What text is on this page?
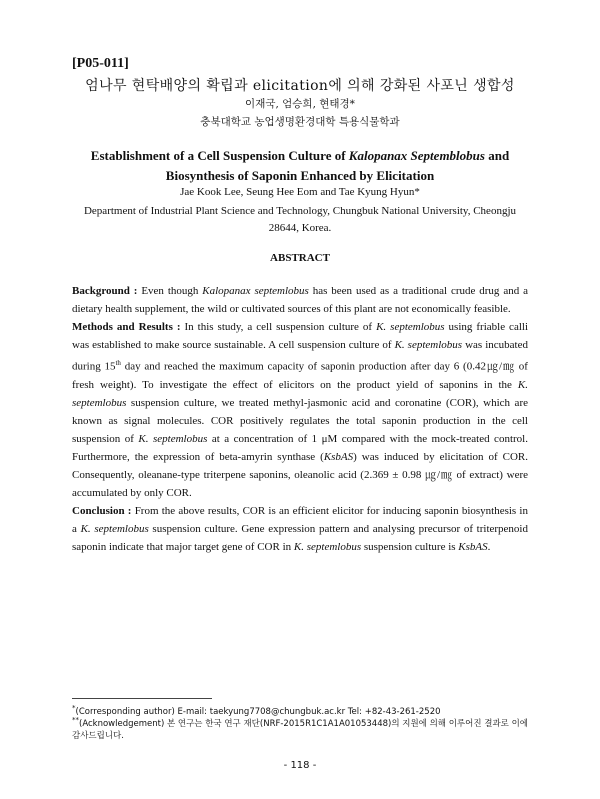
[P05-011]
엄나무 현탁배양의 확립과 elicitation에 의해 강화된 사포닌 생합성
이재국, 엄승희, 현태경*
충북대학교 농업생명환경대학 특용식물학과
Establishment of a Cell Suspension Culture of Kalopanax Septemblobus and
Biosynthesis of Saponin Enhanced by Elicitation
Jae Kook Lee, Seung Hee Eom and Tae Kyung Hyun*
Department of Industrial Plant Science and Technology, Chungbuk National University, Cheongju 28644, Korea.
ABSTRACT

Background : Even though Kalopanax septemlobus has been used as a traditional crude drug and a dietary health supplement, the wild or cultivated sources of this plant are not economically feasible.

Methods and Results : In this study, a cell suspension culture of K. septemlobus using friable calli was established to make source sustainable. A cell suspension culture of K. septemlobus was incubated during 15th day and reached the maximum capacity of saponin production after day 6 (0.42㎍/㎎ of fresh weight). To investigate the effect of elicitors on the product yield of saponins in the K. septemlobus suspension culture, we treated methyl-jasmonic acid and coronatine (COR), which are known as signal molecules. COR positively regulates the total saponin production in the cell suspension of K. septemlobus at a concentration of 1 μM compared with the mock-treated control. Furthermore, the expression of beta-amyrin synthase (KsbAS) was induced by elicitation of COR. Consequently, oleanane-type triterpene saponins, oleanolic acid (2.369 ± 0.98 ㎍/㎎ of extract) were accumulated by only COR.

Conclusion : From the above results, COR is an efficient elicitor for inducing saponin biosynthesis in a K. septemlobus suspension culture. Gene expression pattern and analysing precursor of triterpenoid saponin indicate that major target gene of COR in K. septemlobus suspension culture is KsbAS.

*(Corresponding author) E-mail: taekyung7708@chungbuk.ac.kr Tel: +82-43-261-2520
**(Acknowledgement) 본 연구는 한국 연구 재단(NRF-2015R1C1A1A01053448)의 지원에 의해 이루어진 결과로 이에 감사드립니다.
- 118 -
